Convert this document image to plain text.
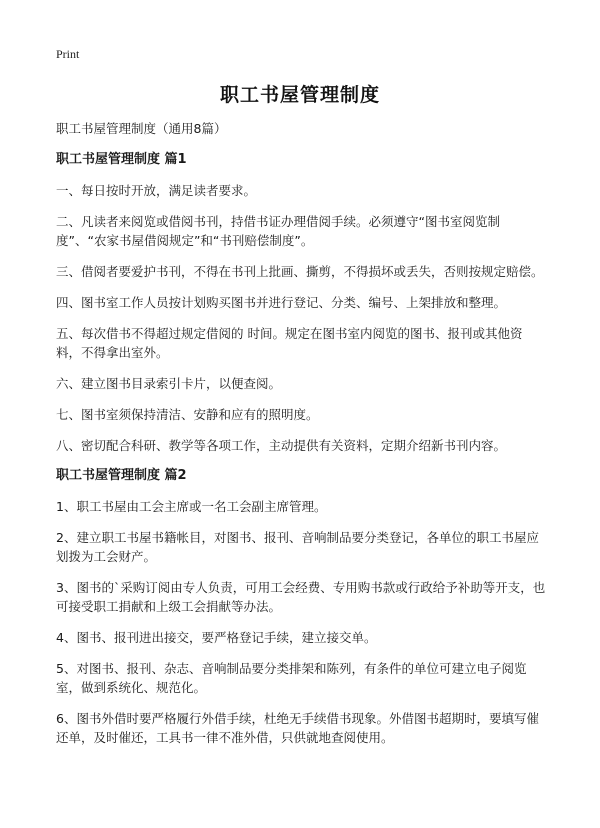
Print
职工书屋管理制度
职工书屋管理制度（通用8篇）
职工书屋管理制度 篇1

一、每日按时开放，满足读者要求。

二、凡读者来阅览或借阅书刊，持借书证办理借阅手续。必须遵守“图书室阅览制度”、“农家书屋借阅规定”和“书刊赔偿制度”。

三、借阅者要爱护书刊，不得在书刊上批画、撕剪，不得损坏或丢失，否则按规定赔偿。

四、图书室工作人员按计划购买图书并进行登记、分类、编号、上架排放和整理。

五、每次借书不得超过规定借阅的 时间。规定在图书室内阅览的图书、报刊或其他资料，不得拿出室外。

六、建立图书目录索引卡片，以便查阅。

七、图书室须保持清洁、安静和应有的照明度。

八、密切配合科研、教学等各项工作，主动提供有关资料，定期介绍新书刊内容。

职工书屋管理制度 篇2

1、职工书屋由工会主席或一名工会副主席管理。

2、建立职工书屋书籍帐目，对图书、报刊、音响制品要分类登记，各单位的职工书屋应划拨为工会财产。

3、图书的`采购订阅由专人负责，可用工会经费、专用购书款或行政给予补助等开支，也可接受职工捐献和上级工会捐献等办法。

4、图书、报刊进出接交，要严格登记手续，建立接交单。

5、对图书、报刊、杂志、音响制品要分类排架和陈列，有条件的单位可建立电子阅览室，做到系统化、规范化。

6、图书外借时要严格履行外借手续，杜绝无手续借书现象。外借图书超期时，要填写催还单，及时催还，工具书一律不准外借，只供就地查阅使用。
